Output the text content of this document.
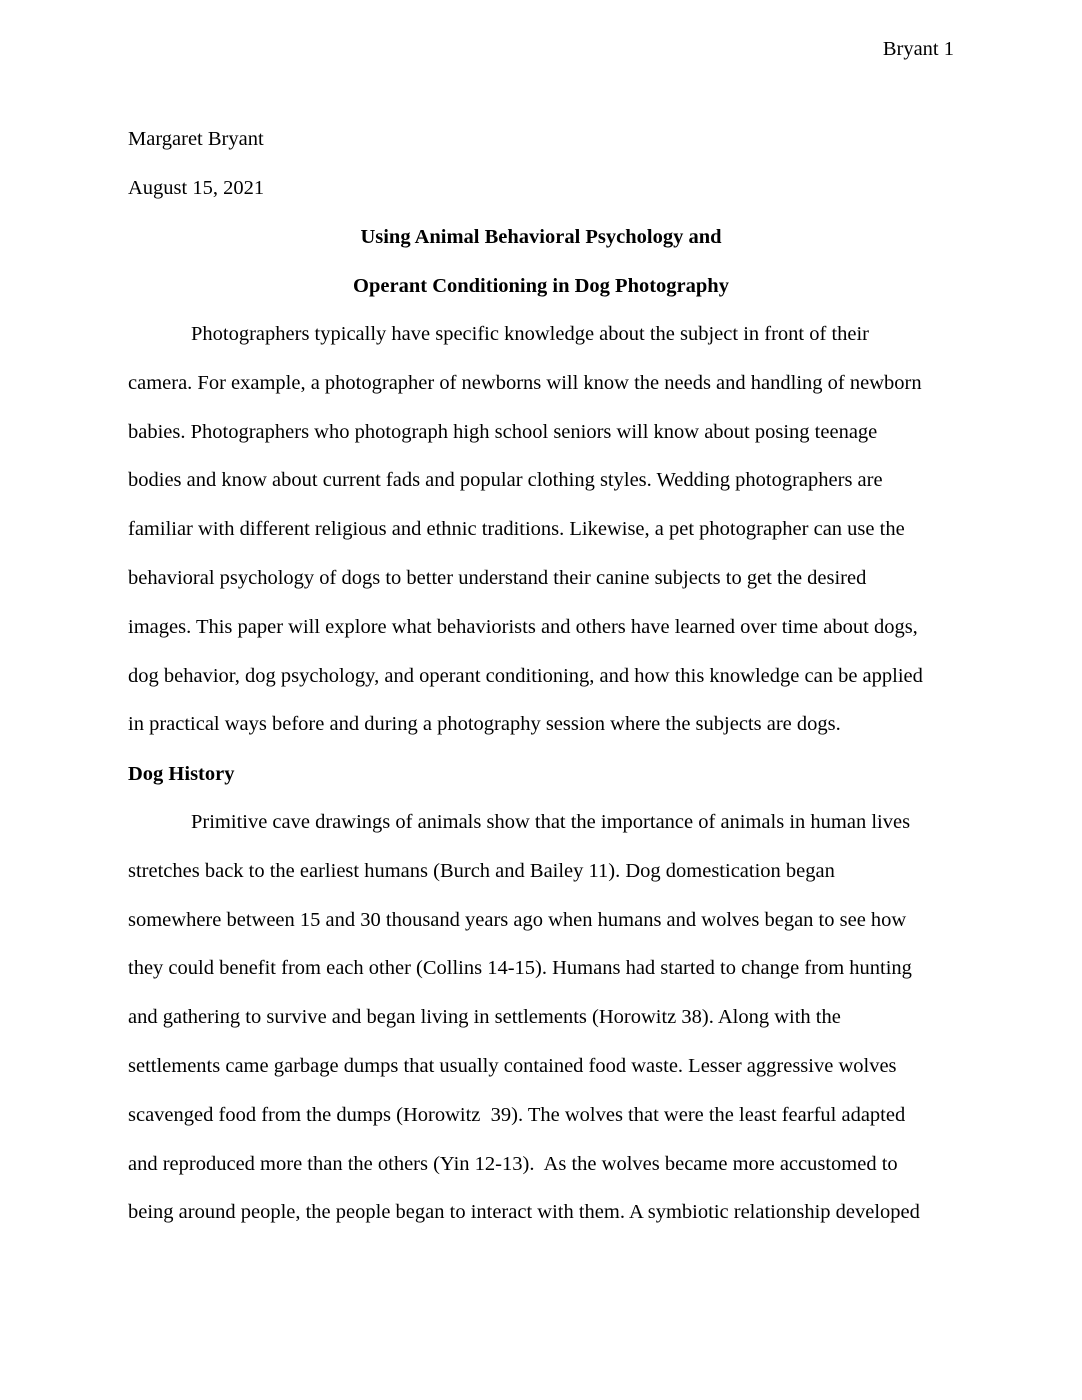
Bryant 1
Margaret Bryant
August 15, 2021
Using Animal Behavioral Psychology and
Operant Conditioning in Dog Photography
Photographers typically have specific knowledge about the subject in front of their
camera. For example, a photographer of newborns will know the needs and handling of newborn
babies. Photographers who photograph high school seniors will know about posing teenage
bodies and know about current fads and popular clothing styles. Wedding photographers are
familiar with different religious and ethnic traditions. Likewise, a pet photographer can use the
behavioral psychology of dogs to better understand their canine subjects to get the desired
images. This paper will explore what behaviorists and others have learned over time about dogs,
dog behavior, dog psychology, and operant conditioning, and how this knowledge can be applied
in practical ways before and during a photography session where the subjects are dogs.
Dog History
Primitive cave drawings of animals show that the importance of animals in human lives
stretches back to the earliest humans (Burch and Bailey 11). Dog domestication began
somewhere between 15 and 30 thousand years ago when humans and wolves began to see how
they could benefit from each other (Collins 14-15). Humans had started to change from hunting
and gathering to survive and began living in settlements (Horowitz 38). Along with the
settlements came garbage dumps that usually contained food waste. Lesser aggressive wolves
scavenged food from the dumps (Horowitz  39). The wolves that were the least fearful adapted
and reproduced more than the others (Yin 12-13).  As the wolves became more accustomed to
being around people, the people began to interact with them. A symbiotic relationship developed
